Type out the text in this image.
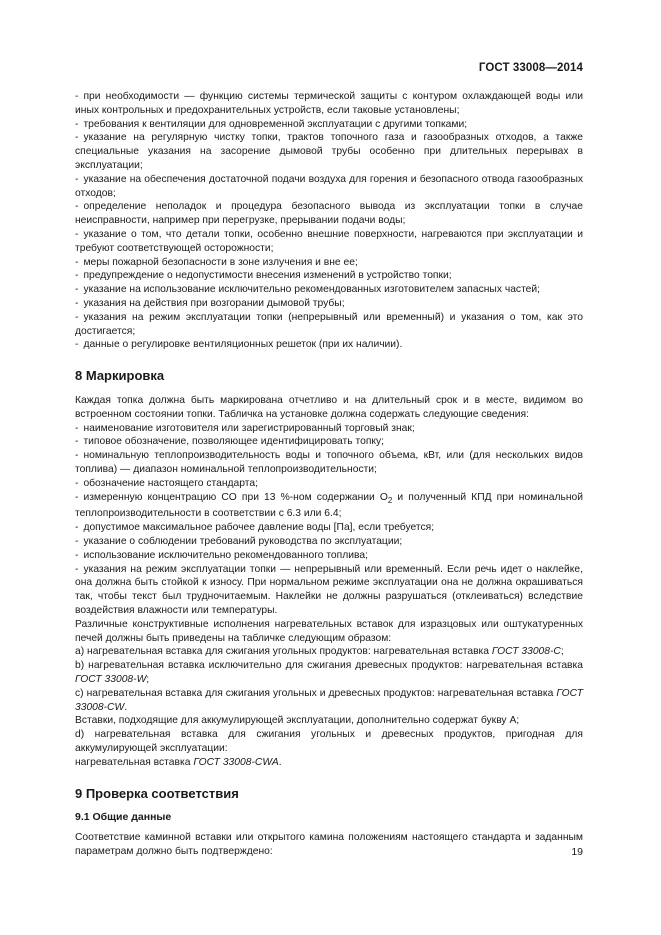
ГОСТ 33008—2014

- при необходимости — функцию системы термической защиты с контуром охлаждающей воды или иных контрольных и предохранительных устройств, если таковые установлены;

- требования к вентиляции для одновременной эксплуатации с другими топками;

- указание на регулярную чистку топки, трактов топочного газа и газообразных отходов, а также специальные указания на засорение дымовой трубы особенно при длительных перерывах в эксплуатации;

- указание на обеспечения достаточной подачи воздуха для горения и безопасного отвода газообразных отходов;

- определение неполадок и процедура безопасного вывода из эксплуатации топки в случае неисправности, например при перегрузке, прерывании подачи воды;

- указание о том, что детали топки, особенно внешние поверхности, нагреваются при эксплуатации и требуют соответствующей осторожности;

- меры пожарной безопасности в зоне излучения и вне ее;

- предупреждение о недопустимости внесения изменений в устройство топки;

- указание на использование исключительно рекомендованных изготовителем запасных частей;

- указания на действия при возгорании дымовой трубы;

- указания на режим эксплуатации топки (непрерывный или временный) и указания о том, как это достигается;

- данные о регулировке вентиляционных решеток (при их наличии).

8 Маркировка

Каждая топка должна быть маркирована отчетливо и на длительный срок и в месте, видимом во встроенном состоянии топки. Табличка на установке должна содержать следующие сведения:

- наименование изготовителя или зарегистрированный торговый знак;

- типовое обозначение, позволяющее идентифицировать топку;

- номинальную теплопроизводительность воды и топочного объема, кВт, или (для нескольких видов топлива) — диапазон номинальной теплопроизводительности;

- обозначение настоящего стандарта;

- измеренную концентрацию CO при 13 %-ном содержании $O_2$ и полученный КПД при номинальной теплопроизводительности в соответствии с 6.3 или 6.4;

- допустимое максимальное рабочее давление воды [Па], если требуется;

- указание о соблюдении требований руководства по эксплуатации;

- использование исключительно рекомендованного топлива;

- указания на режим эксплуатации топки — непрерывный или временный. Если речь идет о наклейке, она должна быть стойкой к износу. При нормальном режиме эксплуатации она не должна окрашиваться так, чтобы текст был трудночитаемым. Наклейки не должны разрушаться (отклеиваться) вследствие воздействия влажности или температуры.

Различные конструктивные исполнения нагревательных вставок для изразцовых или оштукатуренных печей должны быть приведены на табличке следующим образом:

a) нагревательная вставка для сжигания угольных продуктов: нагревательная вставка ГОСТ 33008-С;

b) нагревательная вставка исключительно для сжигания древесных продуктов: нагревательная вставка ГОСТ 33008-W;

c) нагревательная вставка для сжигания угольных и древесных продуктов: нагревательная вставка ГОСТ 33008-CW.

Вставки, подходящие для аккумулирующей эксплуатации, дополнительно содержат букву А;

d) нагревательная вставка для сжигания угольных и древесных продуктов, пригодная для аккумулирующей эксплуатации:

нагревательная вставка ГОСТ 33008-CWA.

9 Проверка соответствия
9.1 Общие данные

Соответствие каминной вставки или открытого камина положениям настоящего стандарта и заданным параметрам должно быть подтверждено:	19
